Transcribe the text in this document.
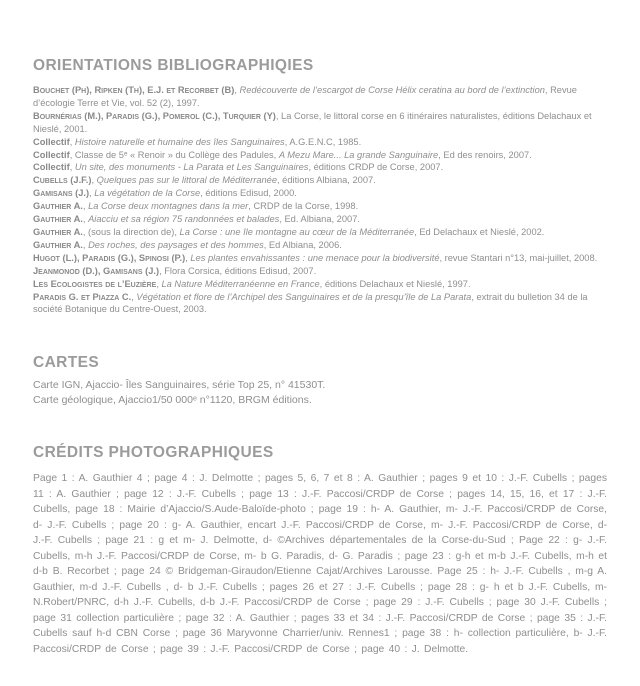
ORIENTATIONS BIBLIOGRAPHIQIES

Bouchet (Ph), Ripken (Th), E.J. et Recorbet (B), Redécouverte de l’escargot de Corse Hélix ceratina au bord de l’extinction, Revue d’écologie Terre et Vie, vol. 52 (2), 1997.

Bournérias (M.), Paradis (G.), Pomerol (C.), Turquier (Y), La Corse, le littoral corse en 6 itinéraires naturalistes, éditions Delachaux et Nieslé, 2001.

Collectif, Histoire naturelle et humaine des îles Sanguinaires, A.G.E.N.C, 1985.

Collectif, Classe de 5ᵉ « Renoir » du Collège des Padules, A Mezu Mare... La grande Sanguinaire, Ed des renoirs, 2007.

Collectif, Un site, des monuments - La Parata et Les Sanguinaires, éditions CRDP de Corse, 2007.

Cubells (J.F.), Quelques pas sur le littoral de Méditerranée, éditions Albiana, 2007.

Gamisans (J.), La végétation de la Corse, éditions Edisud, 2000.

Gauthier A., La Corse deux montagnes dans la mer, CRDP de la Corse, 1998.

Gauthier A., Aiacciu et sa région 75 randonnées et balades, Ed. Albiana, 2007.

Gauthier A., (sous la direction de), La Corse : une île montagne au cœur de la Méditerranée, Ed Delachaux et Nieslé, 2002.

Gauthier A., Des roches, des paysages et des hommes, Ed Albiana, 2006.

Hugot (L.), Paradis (G.), Spinosi (P.), Les plantes envahissantes : une menace pour la biodiversité, revue Stantari n°13, mai-juillet, 2008.

Jeanmonod (D.), Gamisans (J.), Flora Corsica, éditions Edisud, 2007.

Les Ecologistes de l’Euzière, La Nature Méditerranéenne en France, éditions Delachaux et Nieslé, 1997.

Paradis G. et Piazza C., Végétation et flore de l’Archipel des Sanguinaires et de la presqu’île de La Parata, extrait du bulletion 34 de la société Botanique du Centre-Ouest, 2003.

CARTES

Carte IGN, Ajaccio- Îles Sanguinaires, série Top 25, n° 41530T.

Carte géologique, Ajaccio1/50 000ᵉ n°1120, BRGM éditions.

CRÉDITS PHOTOGRAPHIQUES

Page 1 : A. Gauthier 4 ; page 4 : J. Delmotte ; pages 5, 6, 7 et 8 : A. Gauthier ; pages 9 et 10 : J.-F. Cubells ; pages 11 : A. Gauthier ; page 12 : J.-F. Cubells ; page 13 : J.-F. Paccosi/CRDP de Corse ; pages 14, 15, 16, et 17 : J.-F. Cubells, page 18 : Mairie d’Ajaccio/S.Aude-Baloïde-photo ; page 19 : h- A. Gauthier, m- J.-F. Paccosi/CRDP de Corse, d- J.-F. Cubells ; page 20 : g- A. Gauthier, encart J.-F. Paccosi/CRDP de Corse, m- J.-F. Paccosi/CRDP de Corse, d- J.-F. Cubells ; page 21 : g et m- J. Delmotte, d- ©Archives départementales de la Corse-du-Sud ; Page 22 : g- J.-F. Cubells, m-h J.-F. Paccosi/CRDP de Corse, m- b G. Paradis, d- G. Paradis ; page 23 : g-h et m-b J.-F. Cubells, m-h et d-b B. Recorbet ; page 24 © Bridgeman-Giraudon/Etienne Cajat/Archives Larousse. Page 25 : h- J.-F. Cubells , m-g A. Gauthier, m-d J.-F. Cubells , d- b J.-F. Cubells ; pages 26 et 27 : J.-F. Cubells ; page 28 : g- h et b J.-F. Cubells, m- N.Robert/PNRC, d-h J.-F. Cubells, d-b J.-F. Paccosi/CRDP de Corse ; page 29 : J.-F. Cubells ; page 30 J.-F. Cubells ; page 31 collection particulière ; page 32 : A. Gauthier ; pages 33 et 34 : J.-F. Paccosi/CRDP de Corse ; page 35 : J.-F. Cubells sauf h-d CBN Corse ; page 36 Maryvonne Charrier/univ. Rennes1 ; page 38 : h- collection particulière, b- J.-F. Paccosi/CRDP de Corse ; page 39 : J.-F. Paccosi/CRDP de Corse ; page 40 : J. Delmotte.
